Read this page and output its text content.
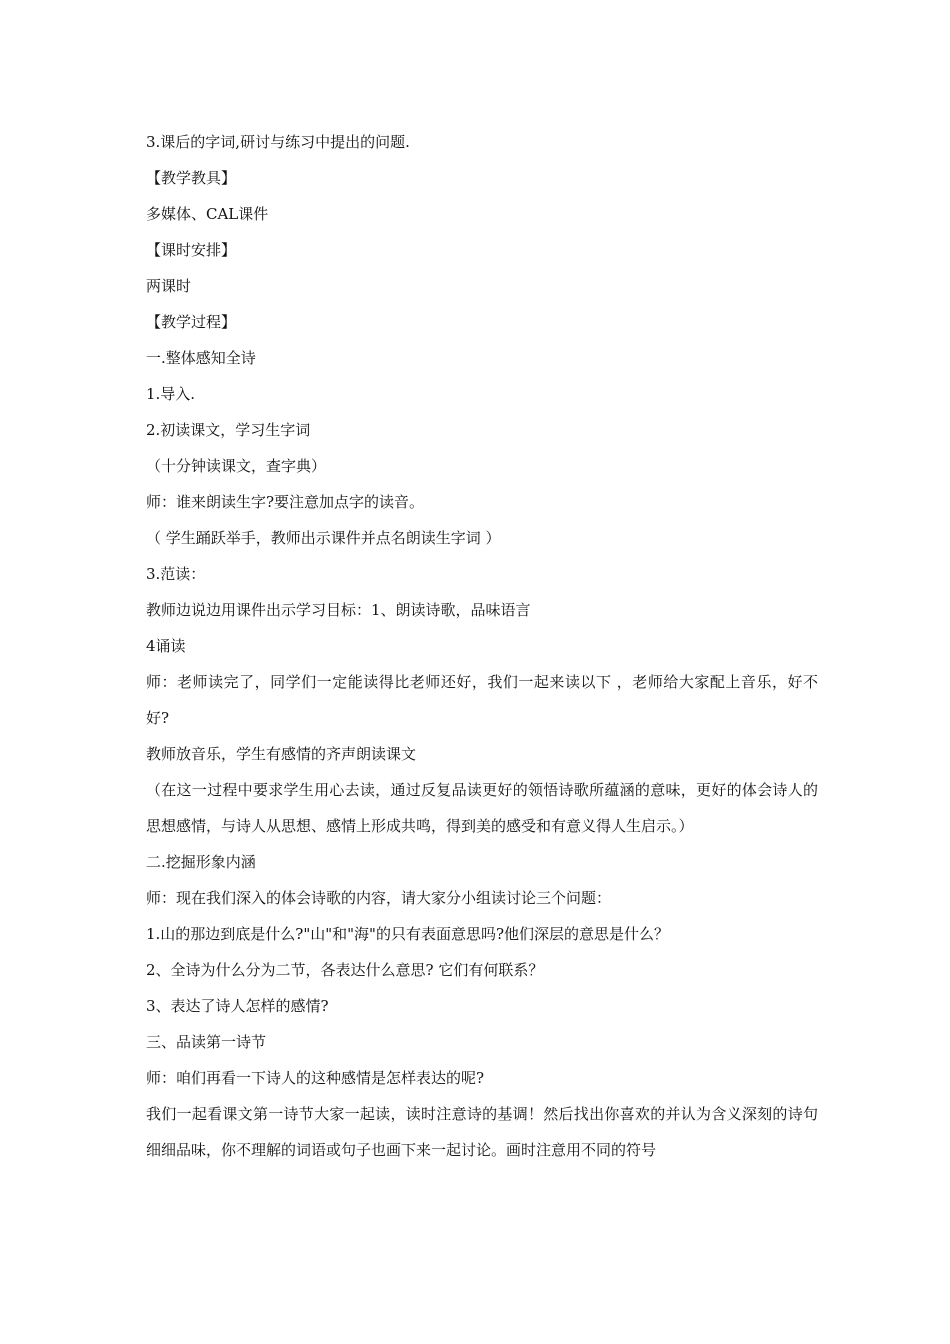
3.课后的字词,研讨与练习中提出的问题.
【教学教具】
多媒体、CAL课件
【课时安排】
两课时
【教学过程】
一.整体感知全诗
1.导入.
2.初读课文，学习生字词
（十分钟读课文，查字典）
师：谁来朗读生字?要注意加点字的读音。
（ 学生踊跃举手，教师出示课件并点名朗读生字词 ）
3.范读：
教师边说边用课件出示学习目标：1、朗读诗歌，品味语言
4诵读
师：老师读完了，同学们一定能读得比老师还好，我们一起来读以下 ，老师给大家配上音乐，好不好?
教师放音乐，学生有感情的齐声朗读课文
（在这一过程中要求学生用心去读，通过反复品读更好的领悟诗歌所蕴涵的意味，更好的体会诗人的思想感情，与诗人从思想、感情上形成共鸣，得到美的感受和有意义得人生启示。）
二.挖掘形象内涵
师：现在我们深入的体会诗歌的内容，请大家分小组读讨论三个问题：
1.山的那边到底是什么?"山"和"海"的只有表面意思吗?他们深层的意思是什么？
2、全诗为什么分为二节，各表达什么意思? 它们有何联系？
3、表达了诗人怎样的感情?
三、品读第一诗节
师：咱们再看一下诗人的这种感情是怎样表达的呢?
我们一起看课文第一诗节大家一起读，读时注意诗的基调！然后找出你喜欢的并认为含义深刻的诗句细细品味，你不理解的词语或句子也画下来一起讨论。画时注意用不同的符号
